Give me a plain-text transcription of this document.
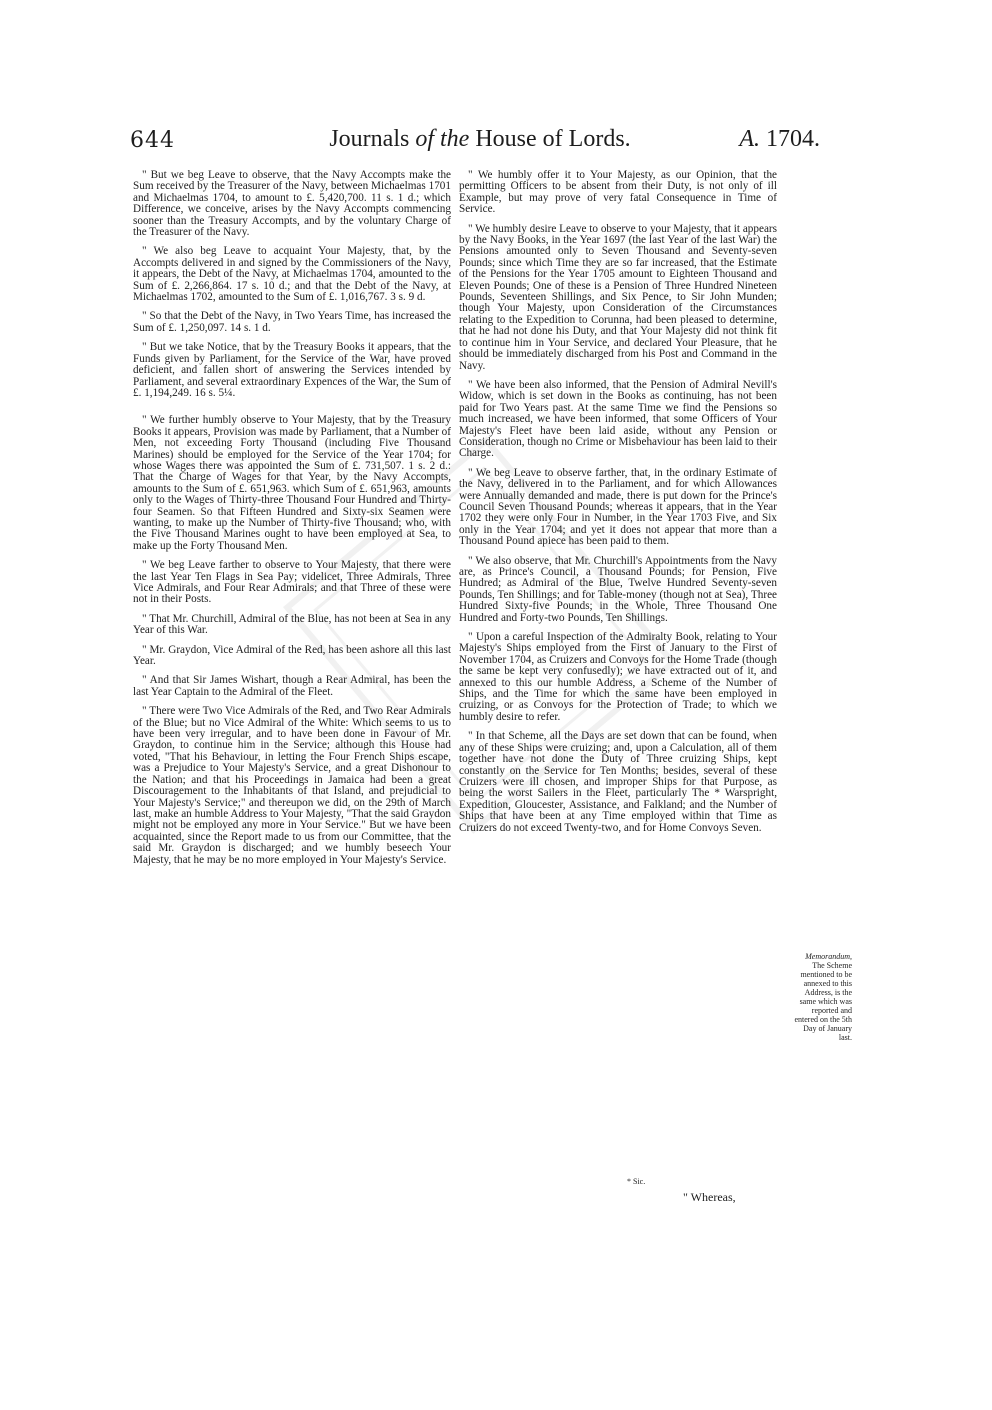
644	Journals of the House of Lords.	A. 1704.

" But we beg Leave to observe, that the Navy Accompts make the Sum received by the Treasurer of the Navy, between Michaelmas 1701 and Michaelmas 1704, to amount to £. 5,420,700. 11 s. 1 d.; which Difference, we conceive, arises by the Navy Accompts commencing sooner than the Treasury Accompts, and by the voluntary Charge of the Treasurer of the Navy.

" We also beg Leave to acquaint Your Majesty, that, by the Accompts delivered in and signed by the Commissioners of the Navy, it appears, the Debt of the Navy, at Michaelmas 1704, amounted to the Sum of £. 2,266,864. 17 s. 10 d.; and that the Debt of the Navy, at Michaelmas 1702, amounted to the Sum of £. 1,016,767. 3 s. 9 d.

" So that the Debt of the Navy, in Two Years Time, has increased the Sum of £. 1,250,097. 14 s. 1 d.

" But we take Notice, that by the Treasury Books it appears, that the Funds given by Parliament, for the Service of the War, have proved deficient, and fallen short of answering the Services intended by Parliament, and several extraordinary Expences of the War, the Sum of £. 1,194,249. 16 s. 5¼.

" We further humbly observe to Your Majesty, that by the Treasury Books it appears, Provision was made by Parliament, that a Number of Men, not exceeding Forty Thousand (including Five Thousand Marines) should be employed for the Service of the Year 1704; for whose Wages there was appointed the Sum of £. 731,507. 1 s. 2 d.: That the Charge of Wages for that Year, by the Navy Accompts, amounts to the Sum of £. 651,963. which Sum of £. 651,963, amounts only to the Wages of Thirty-three Thousand Four Hundred and Thirty-four Seamen. So that Fifteen Hundred and Sixty-six Seamen were wanting, to make up the Number of Thirty-five Thousand; who, with the Five Thousand Marines ought to have been employed at Sea, to make up the Forty Thousand Men.

" We beg Leave farther to observe to Your Majesty, that there were the last Year Ten Flags in Sea Pay; videlicet, Three Admirals, Three Vice Admirals, and Four Rear Admirals; and that Three of these were not in their Posts.

" That Mr. Churchill, Admiral of the Blue, has not been at Sea in any Year of this War.

" Mr. Graydon, Vice Admiral of the Red, has been ashore all this last Year.

" And that Sir James Wishart, though a Rear Admiral, has been the last Year Captain to the Admiral of the Fleet.

" There were Two Vice Admirals of the Red, and Two Rear Admirals of the Blue; but no Vice Admiral of the White: Which seems to us to have been very irregular, and to have been done in Favour of Mr. Graydon, to continue him in the Service; although this House had voted, "That his Behaviour, in letting the Four French Ships escape, was a Prejudice to Your Majesty's Service, and a great Dishonour to the Nation; and that his Proceedings in Jamaica had been a great Discouragement to the Inhabitants of that Island, and prejudicial to Your Majesty's Service;" and thereupon we did, on the 29th of March last, make an humble Address to Your Majesty, "That the said Graydon might not be employed any more in Your Service." But we have been acquainted, since the Report made to us from our Committee, that the said Mr. Graydon is discharged; and we humbly beseech Your Majesty, that he may be no more employed in Your Majesty's Service.

" We humbly offer it to Your Majesty, as our Opinion, that the permitting Officers to be absent from their Duty, is not only of ill Example, but may prove of very fatal Consequence in Time of Service.

" We humbly desire Leave to observe to your Majesty, that it appears by the Navy Books, in the Year 1697 (the last Year of the last War) the Pensions amounted only to Seven Thousand and Seventy-seven Pounds; since which Time they are so far increased, that the Estimate of the Pensions for the Year 1705 amount to Eighteen Thousand and Eleven Pounds; One of these is a Pension of Three Hundred Nineteen Pounds, Seventeen Shillings, and Six Pence, to Sir John Munden; though Your Majesty, upon Consideration of the Circumstances relating to the Expedition to Corunna, had been pleased to determine, that he had not done his Duty, and that Your Majesty did not think fit to continue him in Your Service, and declared Your Pleasure, that he should be immediately discharged from his Post and Command in the Navy.

" We have been also informed, that the Pension of Admiral Nevill's Widow, which is set down in the Books as continuing, has not been paid for Two Years past. At the same Time we find the Pensions so much increased, we have been informed, that some Officers of Your Majesty's Fleet have been laid aside, without any Pension or Consideration, though no Crime or Misbehaviour has been laid to their Charge.

" We beg Leave to observe farther, that, in the ordinary Estimate of the Navy, delivered in to the Parliament, and for which Allowances were Annually demanded and made, there is put down for the Prince's Council Seven Thousand Pounds; whereas it appears, that in the Year 1702 they were only Four in Number, in the Year 1703 Five, and Six only in the Year 1704; and yet it does not appear that more than a Thousand Pound apiece has been paid to them.

" We also observe, that Mr. Churchill's Appointments from the Navy are, as Prince's Council, a Thousand Pounds; for Pension, Five Hundred; as Admiral of the Blue, Twelve Hundred Seventy-seven Pounds, Ten Shillings; and for Table-money (though not at Sea), Three Hundred Sixty-five Pounds; in the Whole, Three Thousand One Hundred and Forty-two Pounds, Ten Shillings.

" Upon a careful Inspection of the Admiralty Book, relating to Your Majesty's Ships employed from the First of January to the First of November 1704, as Cruizers and Convoys for the Home Trade (though the same be kept very confusedly); we have extracted out of it, and annexed to this our humble Address, a Scheme of the Number of Ships, and the Time for which the same have been employed in cruizing, or as Convoys for the Protection of Trade; to which we humbly desire to refer.

" In that Scheme, all the Days are set down that can be found, when any of these Ships were cruizing; and, upon a Calculation, all of them together have not done the Duty of Three cruizing Ships, kept constantly on the Service for Ten Months; besides, several of these Cruizers were ill chosen, and improper Ships for that Purpose, as being the worst Sailers in the Fleet, particularly The * Warspright, Expedition, Gloucester, Assistance, and Falkland; and the Number of Ships that have been at any Time employed within that Time as Cruizers do not exceed Twenty-two, and for Home Convoys Seven.

Memorandum,
The Scheme mentioned to be annexed to this Address, is the same which was reported and entered on the 5th Day of January last.
* Sic.
" Whereas,
